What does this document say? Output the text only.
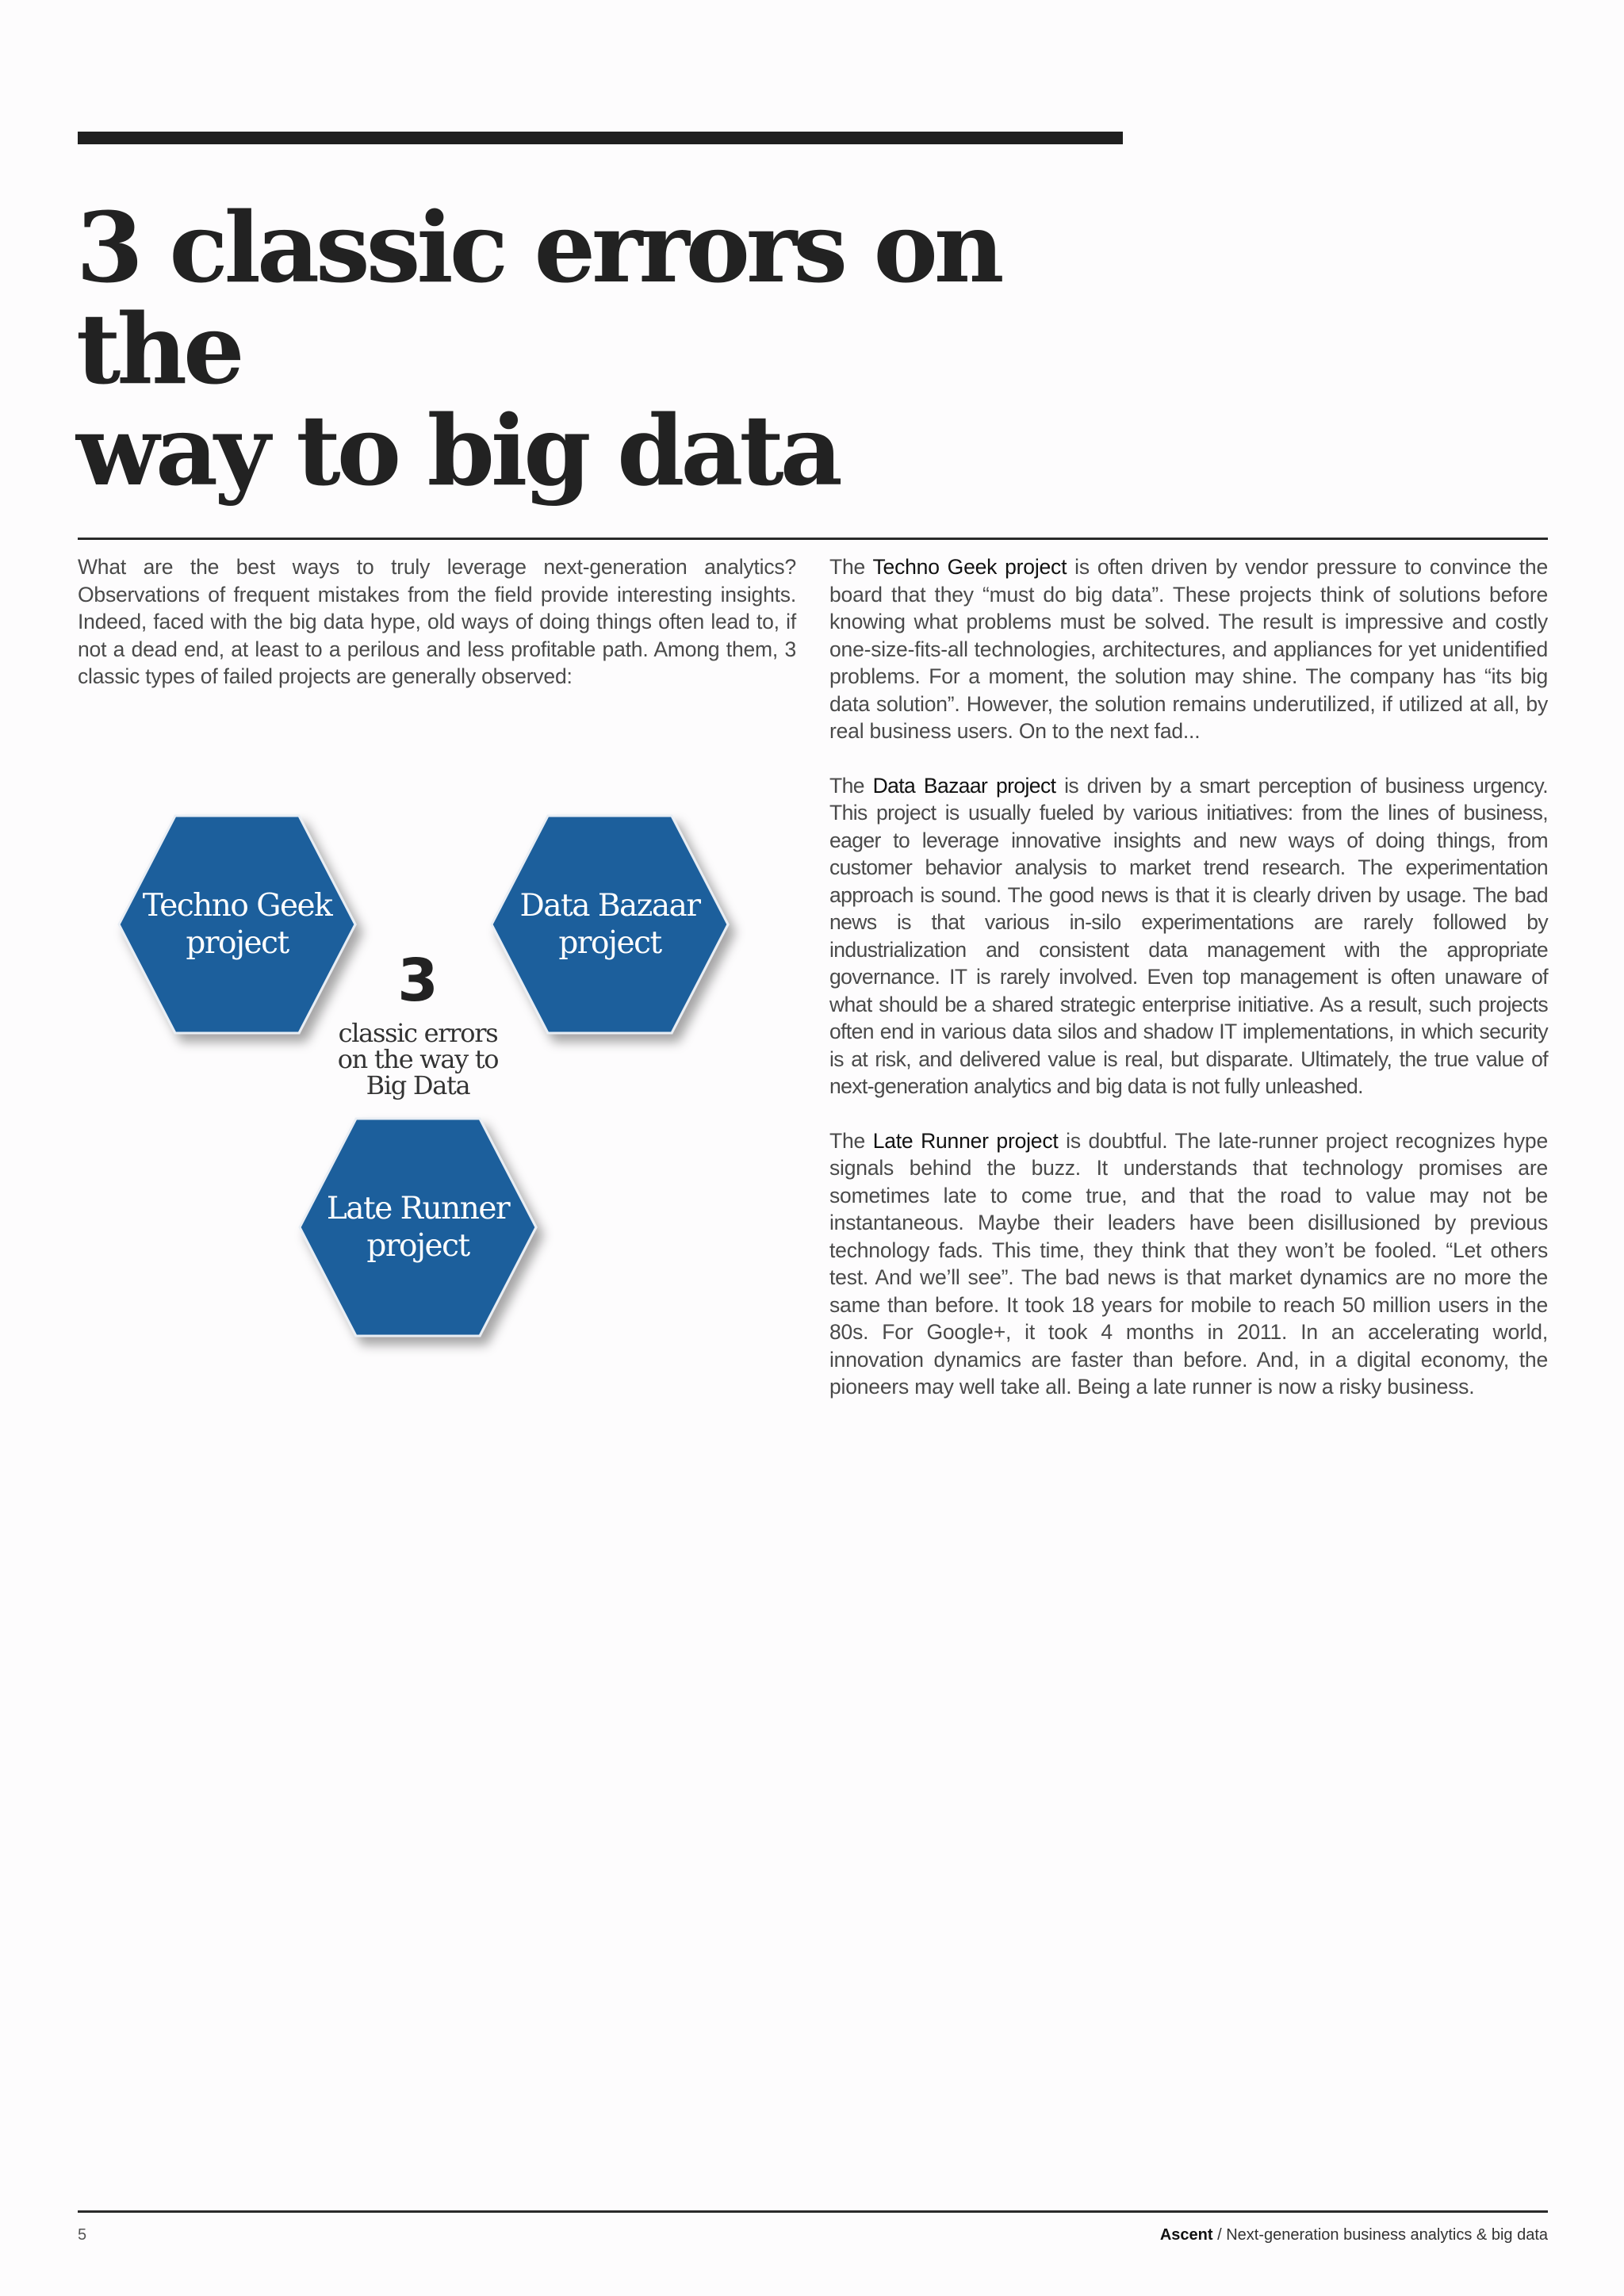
3 classic errors on the
way to big data

What are the best ways to truly leverage next-generation analytics? Observations of frequent mistakes from the field provide interesting insights. Indeed, faced with the big data hype, old ways of doing things often lead to, if not a dead end, at least to a perilous and less profitable path. Among them, 3 classic types of failed projects are generally observed:

Techno Geek
project
Data Bazaar
project
3
classic errors
on the way to
Big Data
Late Runner
project

The Techno Geek project is often driven by vendor pressure to convince the board that they “must do big data”. These projects think of solutions before knowing what problems must be solved. The result is impressive and costly one-size-fits-all technologies, architectures, and appliances for yet unidentified problems. For a moment, the solution may shine. The company has “its big data solution”. However, the solution remains underutilized, if utilized at all, by real business users. On to the next fad...

The Data Bazaar project is driven by a smart perception of business urgency. This project is usually fueled by various initiatives: from the lines of business, eager to leverage innovative insights and new ways of doing things, from customer behavior analysis to market trend research. The experimentation approach is sound. The good news is that it is clearly driven by usage. The bad news is that various in-silo experimentations are rarely followed by industrialization and consistent data management with the appropriate governance. IT is rarely involved. Even top management is often unaware of what should be a shared strategic enterprise initiative. As a result, such projects often end in various data silos and shadow IT implementations, in which security is at risk, and delivered value is real, but disparate. Ultimately, the true value of next-generation analytics and big data is not fully unleashed.

The Late Runner project is doubtful. The late-runner project recognizes hype signals behind the buzz. It understands that technology promises are sometimes late to come true, and that the road to value may not be instantaneous. Maybe their leaders have been disillusioned by previous technology fads. This time, they think that they won’t be fooled. “Let others test. And we’ll see”. The bad news is that market dynamics are no more the same than before. It took 18 years for mobile to reach 50 million users in the 80s. For Google+, it took 4 months in 2011. In an accelerating world, innovation dynamics are faster than before. And, in a digital economy, the pioneers may well take all. Being a late runner is now a risky business.

5	Ascent / Next-generation business analytics & big data
